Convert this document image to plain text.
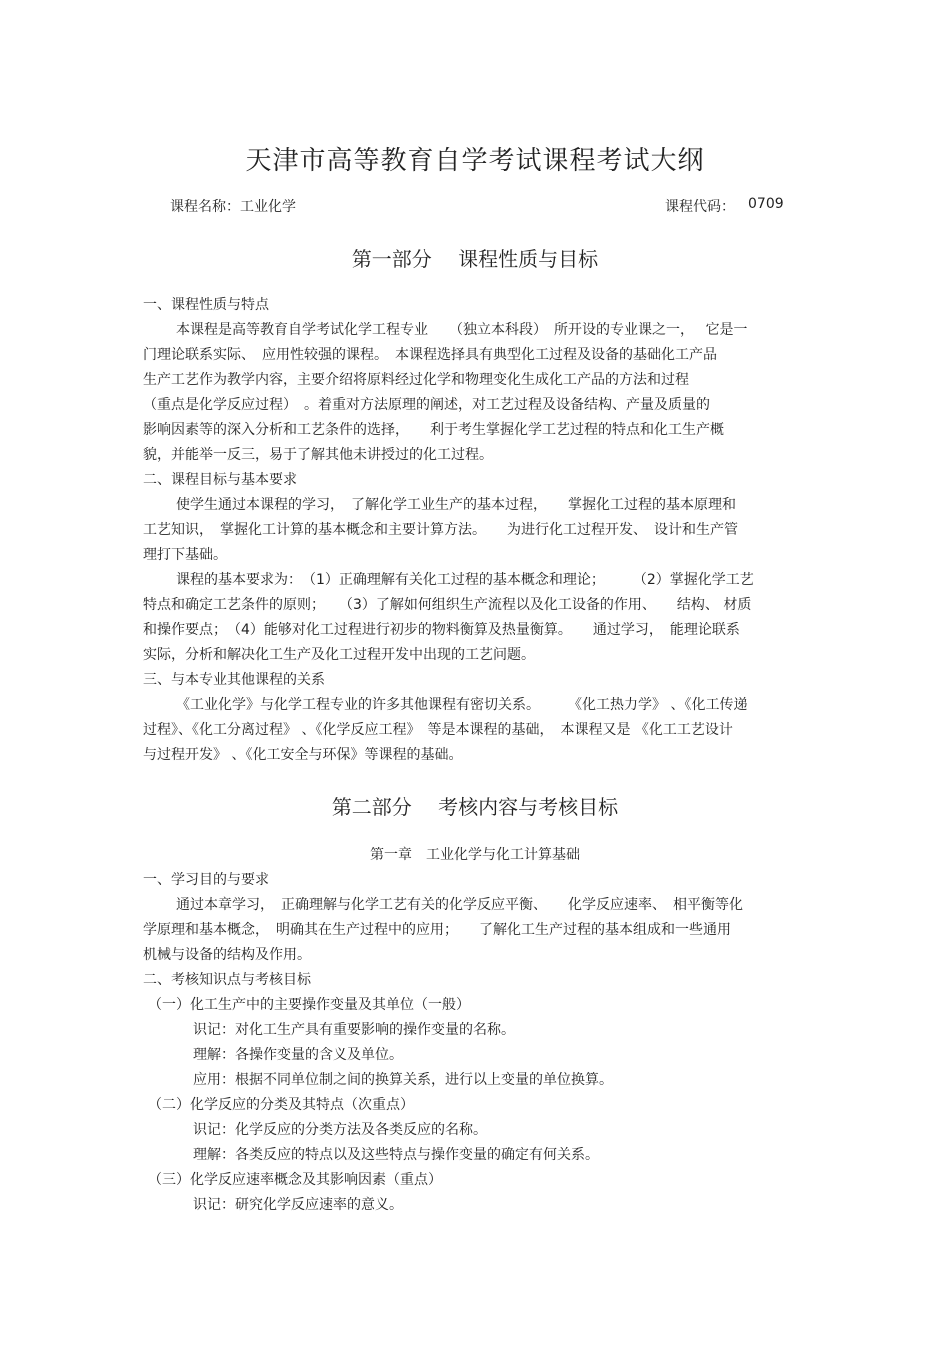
天津市高等教育自学考试课程考试大纲
课程名称：工业化学	课程代码： 0709
第一部分　 课程性质与目标
一、课程性质与特点
本课程是高等教育自学考试化学工程专业　　（独立本科段）　所开设的专业课之一，　 它是一
门理论联系实际、　应用性较强的课程。　本课程选择具有典型化工过程及设备的基础化工产品
生产工艺作为教学内容，主要介绍将原料经过化学和物理变化生成化工产品的方法和过程
（重点是化学反应过程）　。着重对方法原理的阐述，对工艺过程及设备结构、产量及质量的
影响因素等的深入分析和工艺条件的选择，　　利于考生掌握化学工艺过程的特点和化工生产概
貌，并能举一反三，易于了解其他未讲授过的化工过程。
二、课程目标与基本要求
使学生通过本课程的学习，　了解化学工业生产的基本过程，　　掌握化工过程的基本原理和
工艺知识，　掌握化工计算的基本概念和主要计算方法。　　为进行化工过程开发、　设计和生产管
理打下基础。
课程的基本要求为：　（1）正确理解有关化工过程的基本概念和理论；　　　（2）掌握化学工艺
特点和确定工艺条件的原则；　　（3）了解如何组织生产流程以及化工设备的作用、　　结构、 材质
和操作要点；　（4）能够对化工过程进行初步的物料衡算及热量衡算。　　通过学习，　能理论联系
实际，分析和解决化工生产及化工过程开发中出现的工艺问题。
三、与本专业其他课程的关系
《工业化学》与化学工程专业的许多其他课程有密切关系。　　　《化工热力学》 、《化工传递
过程》、《化工分离过程》 、《化学反应工程》　等是本课程的基础，　本课程又是 《化工工艺设计
与过程开发》 、《化工安全与环保》等课程的基础。
第二部分　 考核内容与考核目标
第一章　工业化学与化工计算基础
一、学习目的与要求
通过本章学习，　正确理解与化学工艺有关的化学反应平衡、　　化学反应速率、　相平衡等化
学原理和基本概念，　明确其在生产过程中的应用；　　了解化工生产过程的基本组成和一些通用
机械与设备的结构及作用。
二、考核知识点与考核目标
（一）化工生产中的主要操作变量及其单位（一般）
识记：对化工生产具有重要影响的操作变量的名称。
理解：各操作变量的含义及单位。
应用：根据不同单位制之间的换算关系，进行以上变量的单位换算。
（二）化学反应的分类及其特点（次重点）
识记：化学反应的分类方法及各类反应的名称。
理解：各类反应的特点以及这些特点与操作变量的确定有何关系。
（三）化学反应速率概念及其影响因素（重点）
识记：研究化学反应速率的意义。
